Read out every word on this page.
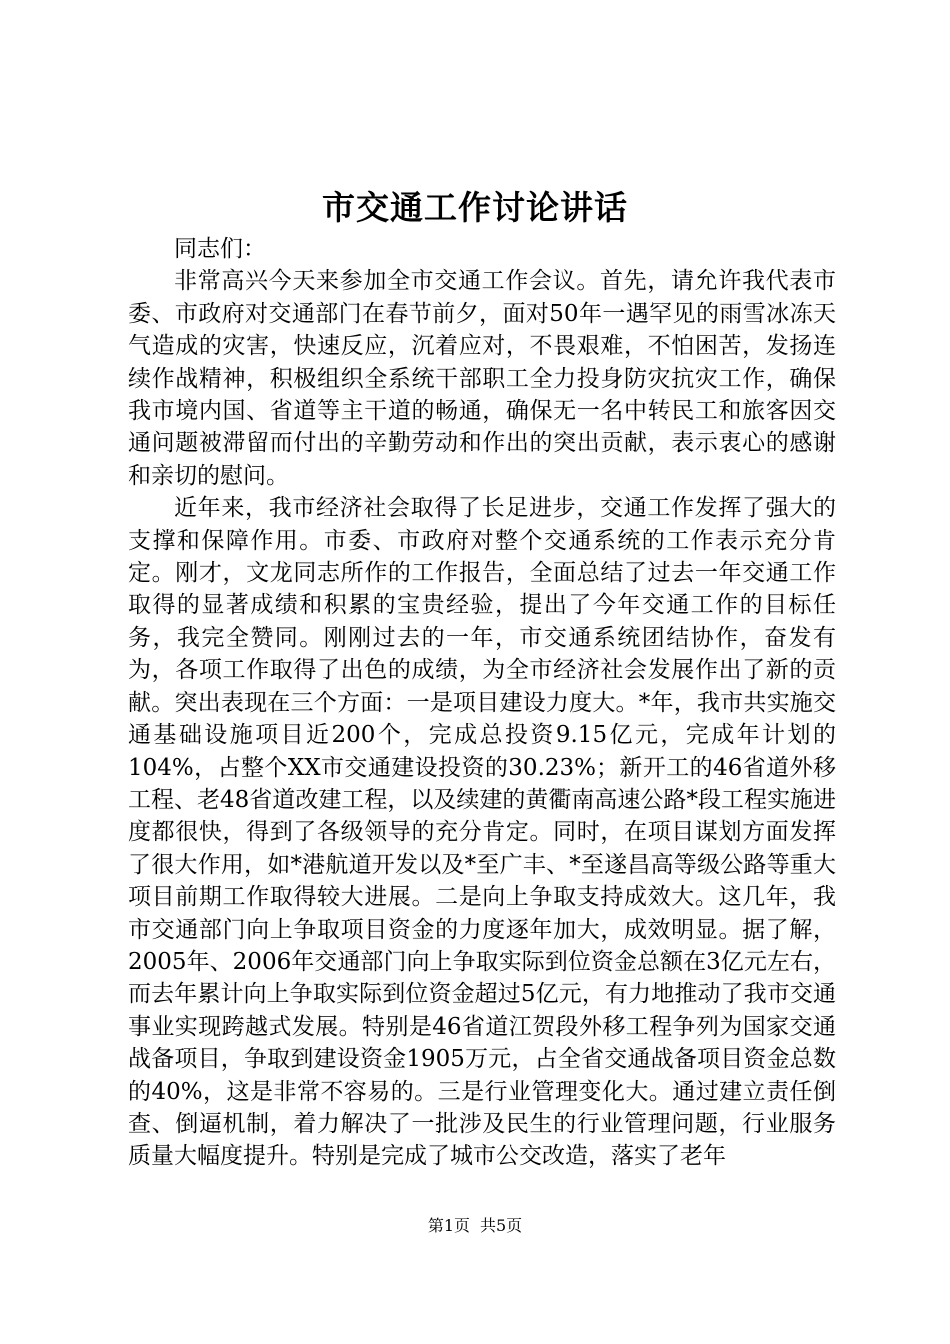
市交通工作讨论讲话
同志们：

非常高兴今天来参加全市交通工作会议。首先，请允许我代表市委、市政府对交通部门在春节前夕，面对50年一遇罕见的雨雪冰冻天气造成的灾害，快速反应，沉着应对，不畏艰难，不怕困苦，发扬连续作战精神，积极组织全系统干部职工全力投身防灾抗灾工作，确保我市境内国、省道等主干道的畅通，确保无一名中转民工和旅客因交通问题被滞留而付出的辛勤劳动和作出的突出贡献，表示衷心的感谢和亲切的慰问。

近年来，我市经济社会取得了长足进步，交通工作发挥了强大的支撑和保障作用。市委、市政府对整个交通系统的工作表示充分肯定。刚才，文龙同志所作的工作报告，全面总结了过去一年交通工作取得的显著成绩和积累的宝贵经验，提出了今年交通工作的目标任务，我完全赞同。刚刚过去的一年，市交通系统团结协作，奋发有为，各项工作取得了出色的成绩，为全市经济社会发展作出了新的贡献。突出表现在三个方面：一是项目建设力度大。*年，我市共实施交通基础设施项目近200个，完成总投资9.15亿元，完成年计划的104%，占整个XX市交通建设投资的30.23%；新开工的46省道外移工程、老48省道改建工程，以及续建的黄衢南高速公路*段工程实施进度都很快，得到了各级领导的充分肯定。同时，在项目谋划方面发挥了很大作用，如*港航道开发以及*至广丰、*至遂昌高等级公路等重大项目前期工作取得较大进展。二是向上争取支持成效大。这几年，我市交通部门向上争取项目资金的力度逐年加大，成效明显。据了解，2005年、2006年交通部门向上争取实际到位资金总额在3亿元左右，而去年累计向上争取实际到位资金超过5亿元，有力地推动了我市交通事业实现跨越式发展。特别是46省道江贺段外移工程争列为国家交通战备项目，争取到建设资金1905万元，占全省交通战备项目资金总数的40%，这是非常不容易的。三是行业管理变化大。通过建立责任倒查、倒逼机制，着力解决了一批涉及民生的行业管理问题，行业服务质量大幅度提升。特别是完成了城市公交改造，落实了老年

第1页 共5页
